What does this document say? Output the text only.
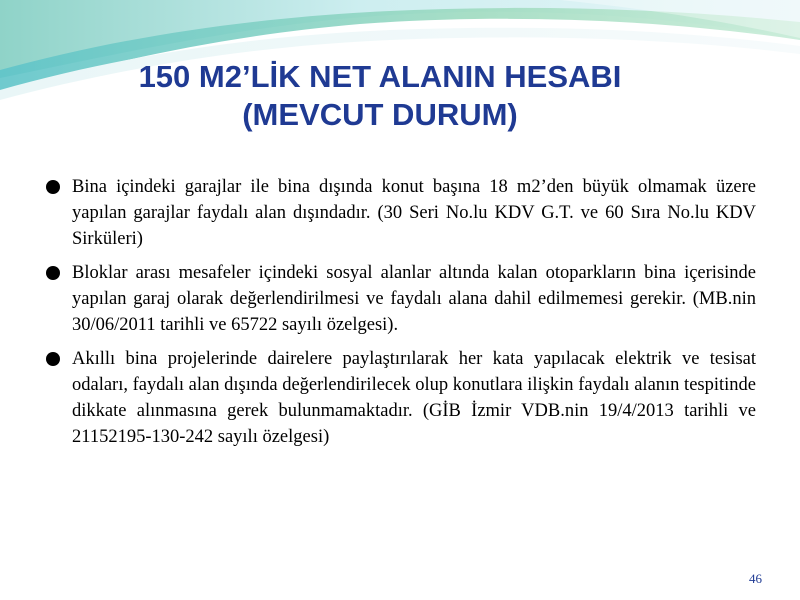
150 M2’LİK NET ALANIN HESABI
(MEVCUT DURUM)
Bina içindeki garajlar ile bina dışında konut başına 18 m2’den büyük olmamak üzere yapılan garajlar faydalı alan dışındadır. (30 Seri No.lu KDV G.T. ve 60 Sıra No.lu KDV Sirküleri)
Bloklar arası mesafeler içindeki sosyal alanlar altında kalan otoparkların bina içerisinde yapılan garaj olarak değerlendirilmesi ve faydalı alana dahil edilmemesi gerekir. (MB.nin 30/06/2011 tarihli ve 65722 sayılı özelgesi).
Akıllı bina projelerinde dairelere paylaştırılarak her kata yapılacak elektrik ve tesisat odaları, faydalı alan dışında değerlendirilecek olup konutlara ilişkin faydalı alanın tespitinde dikkate alınmasına gerek bulunmamaktadır. (GİB İzmir VDB.nin 19/4/2013 tarihli ve 21152195-130-242 sayılı özelgesi)
46
